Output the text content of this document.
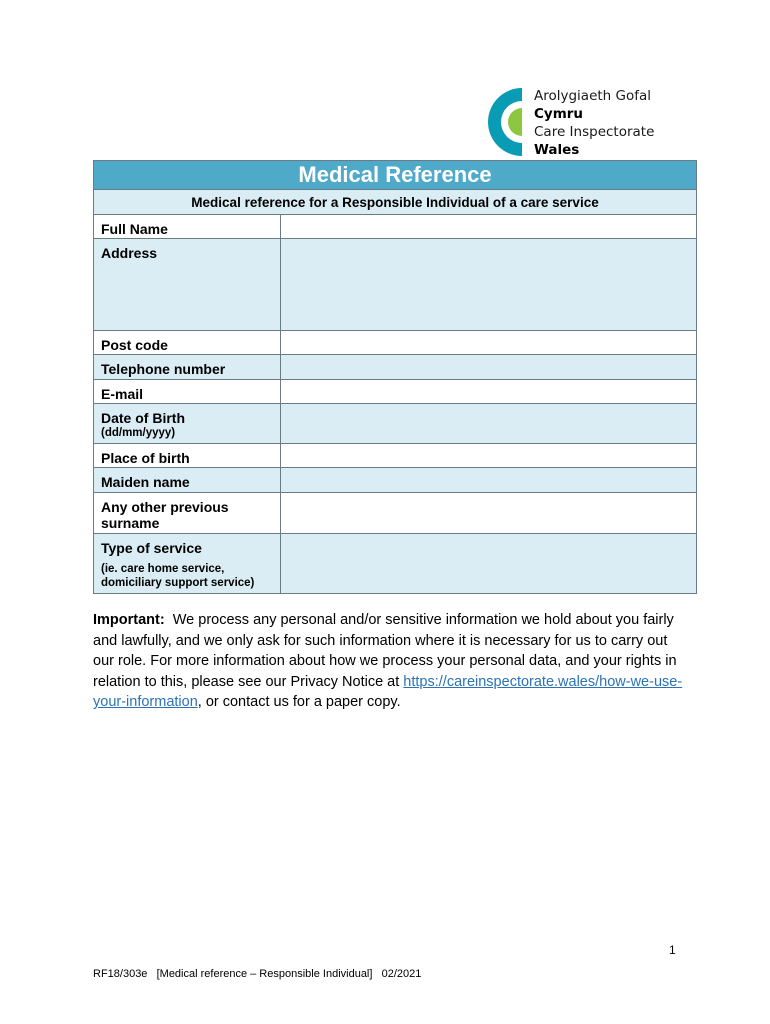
Arolygiaeth Gofal
Cymru
Care Inspectorate
Wales
Medical Reference	
Medical reference for a Responsible Individual of a care service	

Full Name	

Address	

Post code	

Telephone number	

E-mail	

Date of Birth
(dd/mm/yyyy)	

Place of birth	

Maiden name	

Any other previous surname	

Type of service
(ie. care home service, domiciliary support service)	

Important: We process any personal and/or sensitive information we hold about you fairly and lawfully, and we only ask for such information where it is necessary for us to carry out our role. For more information about how we process your personal data, and your rights in relation to this, please see our Privacy Notice at https://careinspectorate.wales/how-we-use-your-information, or contact us for a paper copy.
1
RF18/303e   [Medical reference – Responsible Individual]   02/2021
